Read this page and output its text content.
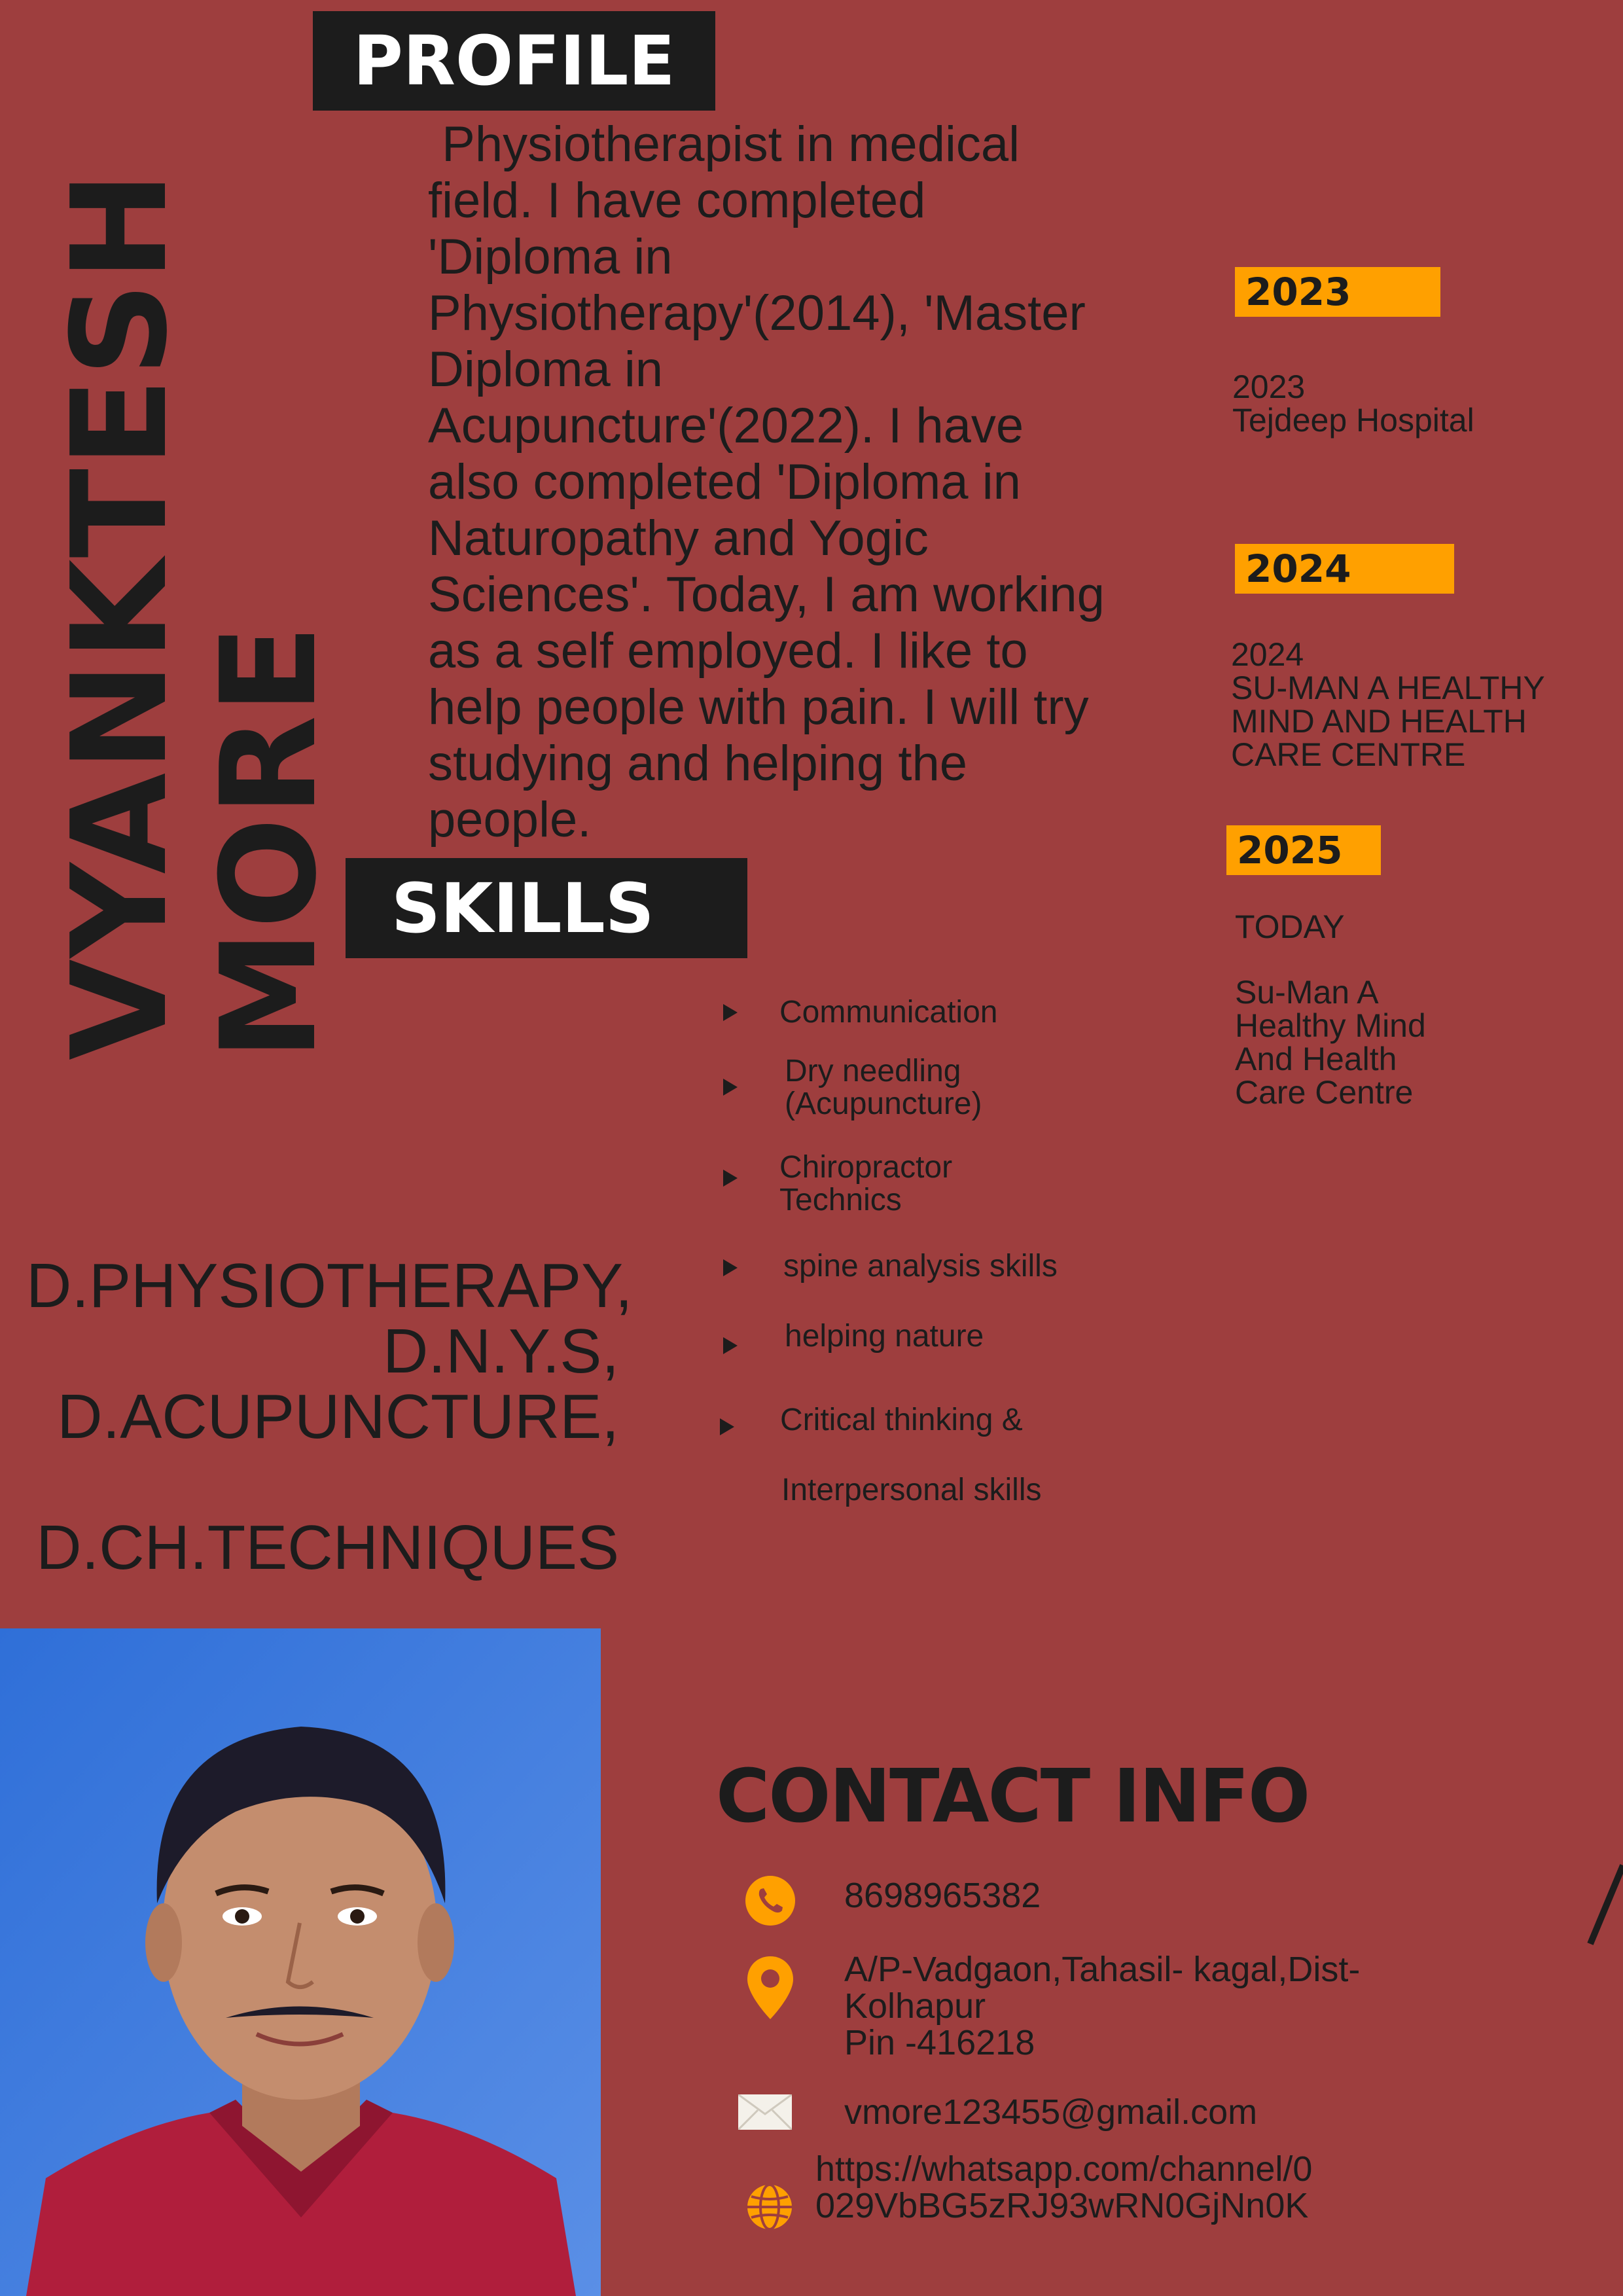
PROFILE
VYANKTESH
MORE
Physiotherapist in medical
field. I have completed
'Diploma in
Physiotherapy'(2014), 'Master
Diploma in
Acupuncture'(2022). I have
also completed 'Diploma in
Naturopathy and Yogic
Sciences'. Today, I am working
as a self employed. I like to
help people with pain. I will try
studying and helping the
people.
2023
2023
Tejdeep Hospital
2024
2024
SU-MAN A HEALTHY
MIND AND HEALTH
CARE CENTRE
2025
TODAY
Su-Man A
Healthy Mind
And Health
Care Centre
SKILLS
Communication
Dry needling
(Acupuncture)
Chiropractor
Technics
spine analysis skills
helping nature
Critical thinking &
Interpersonal skills
D.PHYSIOTHERAPY,
D.N.Y.S,
D.ACUPUNCTURE,

D.CH.TECHNIQUES
CONTACT INFO
8698965382
A/P-Vadgaon,Tahasil- kagal,Dist-
Kolhapur
Pin -416218
vmore123455@gmail.com
https://whatsapp.com/channel/0
029VbBG5zRJ93wRN0GjNn0K
